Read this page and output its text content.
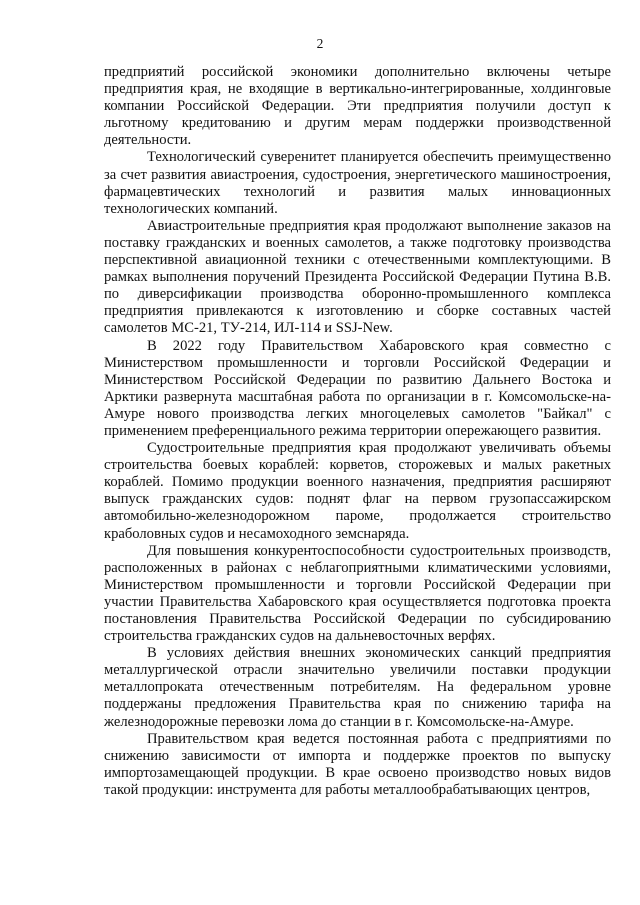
2

предприятий российской экономики дополнительно включены четыре предприятия края, не входящие в вертикально-интегрированные, холдинговые компании Российской Федерации. Эти предприятия получили доступ к льготному кредитованию и другим мерам поддержки производственной деятельности.

Технологический суверенитет планируется обеспечить преимущественно за счет развития авиастроения, судостроения, энергетического машиностроения, фармацевтических технологий и развития малых инновационных технологических компаний.

Авиастроительные предприятия края продолжают выполнение заказов на поставку гражданских и военных самолетов, а также подготовку производства перспективной авиационной техники с отечественными комплектующими. В рамках выполнения поручений Президента Российской Федерации Путина В.В. по диверсификации производства оборонно-промышленного комплекса предприятия привлекаются к изготовлению и сборке составных частей самолетов МС-21, ТУ-214, ИЛ-114 и SSJ-New.

В 2022 году Правительством Хабаровского края совместно с Министерством промышленности и торговли Российской Федерации и Министерством Российской Федерации по развитию Дальнего Востока и Арктики развернута масштабная работа по организации в г. Комсомольске-на-Амуре нового производства легких многоцелевых самолетов "Байкал" с применением преференциального режима территории опережающего развития.

Судостроительные предприятия края продолжают увеличивать объемы строительства боевых кораблей: корветов, сторожевых и малых ракетных кораблей. Помимо продукции военного назначения, предприятия расширяют выпуск гражданских судов: поднят флаг на первом грузопассажирском автомобильно-железнодорожном пароме, продолжается строительство краболовных судов и несамоходного земснаряда.

Для повышения конкурентоспособности судостроительных производств, расположенных в районах с неблагоприятными климатическими условиями, Министерством промышленности и торговли Российской Федерации при участии Правительства Хабаровского края осуществляется подготовка проекта постановления Правительства Российской Федерации по субсидированию строительства гражданских судов на дальневосточных верфях.

В условиях действия внешних экономических санкций предприятия металлургической отрасли значительно увеличили поставки продукции металлопроката отечественным потребителям. На федеральном уровне поддержаны предложения Правительства края по снижению тарифа на железнодорожные перевозки лома до станции в г. Комсомольске-на-Амуре.

Правительством края ведется постоянная работа с предприятиями по снижению зависимости от импорта и поддержке проектов по выпуску импортозамещающей продукции. В крае освоено производство новых видов такой продукции: инструмента для работы металлообрабатывающих центров,
